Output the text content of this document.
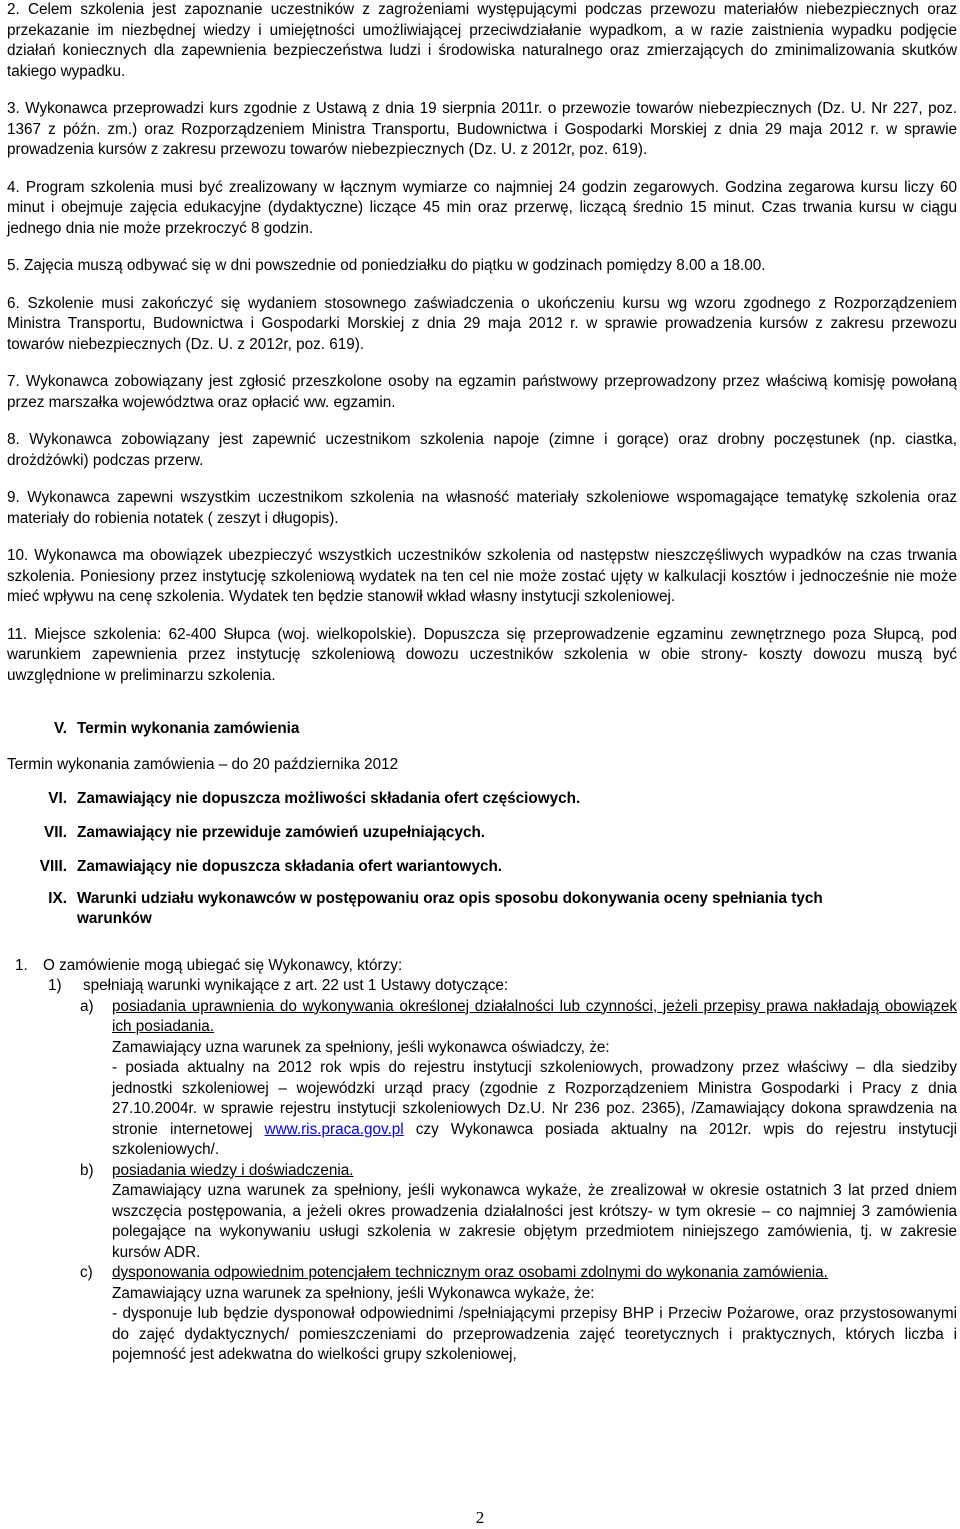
2. Celem szkolenia jest zapoznanie uczestników z zagrożeniami występującymi podczas przewozu materiałów niebezpiecznych oraz przekazanie im niezbędnej wiedzy i umiejętności umożliwiającej przeciwdziałanie wypadkom, a w razie zaistnienia wypadku podjęcie działań koniecznych dla zapewnienia bezpieczeństwa ludzi i środowiska naturalnego oraz zmierzających do zminimalizowania skutków takiego wypadku.

3. Wykonawca przeprowadzi kurs zgodnie z Ustawą z dnia 19 sierpnia 2011r. o przewozie towarów niebezpiecznych (Dz. U. Nr 227, poz. 1367 z późn. zm.) oraz Rozporządzeniem Ministra Transportu, Budownictwa i Gospodarki Morskiej z dnia 29 maja 2012 r. w sprawie prowadzenia kursów z zakresu przewozu towarów niebezpiecznych (Dz. U. z 2012r, poz. 619).

4. Program szkolenia musi być zrealizowany w łącznym wymiarze co najmniej 24 godzin zegarowych. Godzina zegarowa kursu liczy 60 minut i obejmuje zajęcia edukacyjne (dydaktyczne) liczące 45 min oraz przerwę, liczącą średnio 15 minut. Czas trwania kursu w ciągu jednego dnia nie może przekroczyć 8 godzin.

5. Zajęcia muszą odbywać się w dni powszednie od poniedziałku do piątku w godzinach pomiędzy 8.00 a 18.00.

6. Szkolenie musi zakończyć się wydaniem stosownego zaświadczenia o ukończeniu kursu wg wzoru zgodnego z Rozporządzeniem Ministra Transportu, Budownictwa i Gospodarki Morskiej z dnia 29 maja 2012 r. w sprawie prowadzenia kursów z zakresu przewozu towarów niebezpiecznych (Dz. U. z 2012r, poz. 619).

7. Wykonawca zobowiązany jest zgłosić przeszkolone osoby na egzamin państwowy przeprowadzony przez właściwą komisję powołaną przez marszałka województwa oraz opłacić ww. egzamin.

8. Wykonawca zobowiązany jest zapewnić uczestnikom szkolenia napoje (zimne i gorące) oraz drobny poczęstunek (np. ciastka, drożdżówki) podczas przerw.

9. Wykonawca zapewni wszystkim uczestnikom szkolenia na własność materiały szkoleniowe wspomagające tematykę szkolenia oraz materiały do robienia notatek ( zeszyt i długopis).

10. Wykonawca ma obowiązek ubezpieczyć wszystkich uczestników szkolenia od następstw nieszczęśliwych wypadków na czas trwania szkolenia. Poniesiony przez instytucję szkoleniową wydatek na ten cel nie może zostać ujęty w kalkulacji kosztów i jednocześnie nie może mieć wpływu na cenę szkolenia. Wydatek ten będzie stanowił wkład własny instytucji szkoleniowej.

11. Miejsce szkolenia: 62-400 Słupca (woj. wielkopolskie). Dopuszcza się przeprowadzenie egzaminu zewnętrznego poza Słupcą, pod warunkiem zapewnienia przez instytucję szkoleniową dowozu uczestników szkolenia w obie strony- koszty dowozu muszą być uwzględnione w preliminarzu szkolenia.

V. Termin wykonania zamówienia

Termin wykonania zamówienia – do 20 października 2012

VI. Zamawiający nie dopuszcza możliwości składania ofert częściowych.
VII. Zamawiający nie przewiduje zamówień uzupełniających.
VIII. Zamawiający nie dopuszcza składania ofert wariantowych.
IX. Warunki udziału wykonawców w postępowaniu oraz opis sposobu dokonywania oceny spełniania tych warunków
1. O zamówienie mogą ubiegać się Wykonawcy, którzy:

1) spełniają warunki wynikające z art. 22 ust 1 Ustawy dotyczące:

a) posiadania uprawnienia do wykonywania określonej działalności lub czynności, jeżeli przepisy prawa nakładają obowiązek ich posiadania.

Zamawiający uzna warunek za spełniony, jeśli wykonawca oświadczy, że:

- posiada aktualny na 2012 rok wpis do rejestru instytucji szkoleniowych, prowadzony przez właściwy – dla siedziby jednostki szkoleniowej – wojewódzki urząd pracy (zgodnie z Rozporządzeniem Ministra Gospodarki i Pracy z dnia 27.10.2004r. w sprawie rejestru instytucji szkoleniowych Dz.U. Nr 236 poz. 2365), /Zamawiający dokona sprawdzenia na stronie internetowej www.ris.praca.gov.pl czy Wykonawca posiada aktualny na 2012r. wpis do rejestru instytucji szkoleniowych/.

b) posiadania wiedzy i doświadczenia.

Zamawiający uzna warunek za spełniony, jeśli wykonawca wykaże, że zrealizował w okresie ostatnich 3 lat przed dniem wszczęcia postępowania, a jeżeli okres prowadzenia działalności jest krótszy- w tym okresie – co najmniej 3 zamówienia polegające na wykonywaniu usługi szkolenia w zakresie objętym przedmiotem niniejszego zamówienia, tj. w zakresie kursów ADR.

c) dysponowania odpowiednim potencjałem technicznym oraz osobami zdolnymi do wykonania zamówienia.

Zamawiający uzna warunek za spełniony, jeśli Wykonawca wykaże, że:

- dysponuje lub będzie dysponował odpowiednimi /spełniającymi przepisy BHP i Przeciw Pożarowe, oraz przystosowanymi do zajęć dydaktycznych/ pomieszczeniami do przeprowadzenia zajęć teoretycznych i praktycznych, których liczba i pojemność jest adekwatna do wielkości grupy szkoleniowej,

2
